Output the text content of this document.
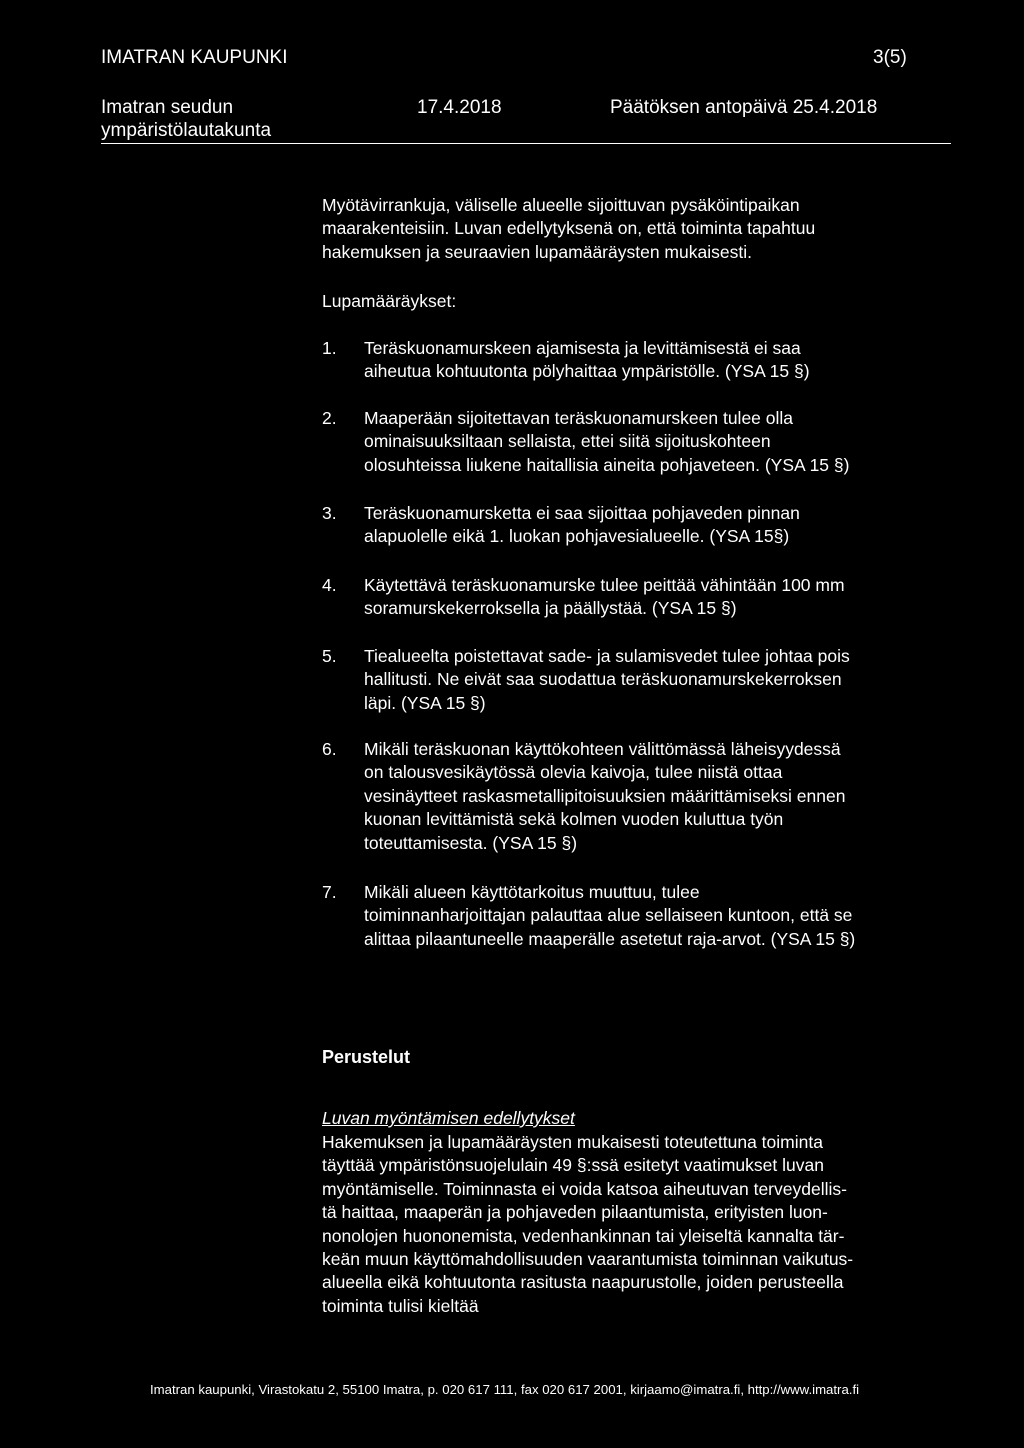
IMATRAN KAUPUNKI	3(5)
Imatran seudun
ympäristölautakunta
17.4.2018	Päätöksen antopäivä 25.4.2018
Myötävirrankuja, väliselle alueelle sijoittuvan pysäköintipaikan
maarakenteisiin. Luvan edellytyksenä on, että toiminta tapahtuu
hakemuksen ja seuraavien lupamääräysten mukaisesti.
Lupamääräykset:
1. Teräskuonamurskeen ajamisesta ja levittämisestä ei saa
aiheutua kohtuutonta pölyhaittaa ympäristölle. (YSA 15 §)
2. Maaperään sijoitettavan teräskuonamurskeen tulee olla
ominaisuuksiltaan sellaista, ettei siitä sijoituskohteen
olosuhteissa liukene haitallisia aineita pohjaveteen. (YSA 15 §)
3. Teräskuonamursketta ei saa sijoittaa pohjaveden pinnan
alapuolelle eikä 1. luokan pohjavesialueelle. (YSA 15§)
4. Käytettävä teräskuonamurske tulee peittää vähintään 100 mm
soramurskekerroksella ja päällystää. (YSA 15 §)
5. Tiealueelta poistettavat sade- ja sulamisvedet tulee johtaa pois
hallitusti. Ne eivät saa suodattua teräskuonamurskekerroksen
läpi. (YSA 15 §)
6. Mikäli teräskuonan käyttökohteen välittömässä läheisyydessä
on talousvesikäytössä olevia kaivoja, tulee niistä ottaa
vesinäytteet raskasmetallipitoisuuksien määrittämiseksi ennen
kuonan levittämistä sekä kolmen vuoden kuluttua työn
toteuttamisesta. (YSA 15 §)
7. Mikäli alueen käyttötarkoitus muuttuu, tulee
toiminnanharjoittajan palauttaa alue sellaiseen kuntoon, että se
alittaa pilaantuneelle maaperälle asetetut raja-arvot. (YSA 15 §)
Perustelut
Luvan myöntämisen edellytykset
Hakemuksen ja lupamääräysten mukaisesti toteutettuna toiminta
täyttää ympäristönsuojelulain 49 §:ssä esitetyt vaatimukset luvan
myöntämiselle. Toiminnasta ei voida katsoa aiheutuvan terveydellis-
tä haittaa, maaperän ja pohjaveden pilaantumista, erityisten luon-
nonolojen huononemista, vedenhankinnan tai yleiseltä kannalta tär-
keän muun käyttömahdollisuuden vaarantumista toiminnan vaikutus-
alueella eikä kohtuutonta rasitusta naapurustolle, joiden perusteella
toiminta tulisi kieltää
Imatran kaupunki, Virastokatu 2, 55100 Imatra, p. 020 617 111, fax 020 617 2001, kirjaamo@imatra.fi, http://www.imatra.fi
